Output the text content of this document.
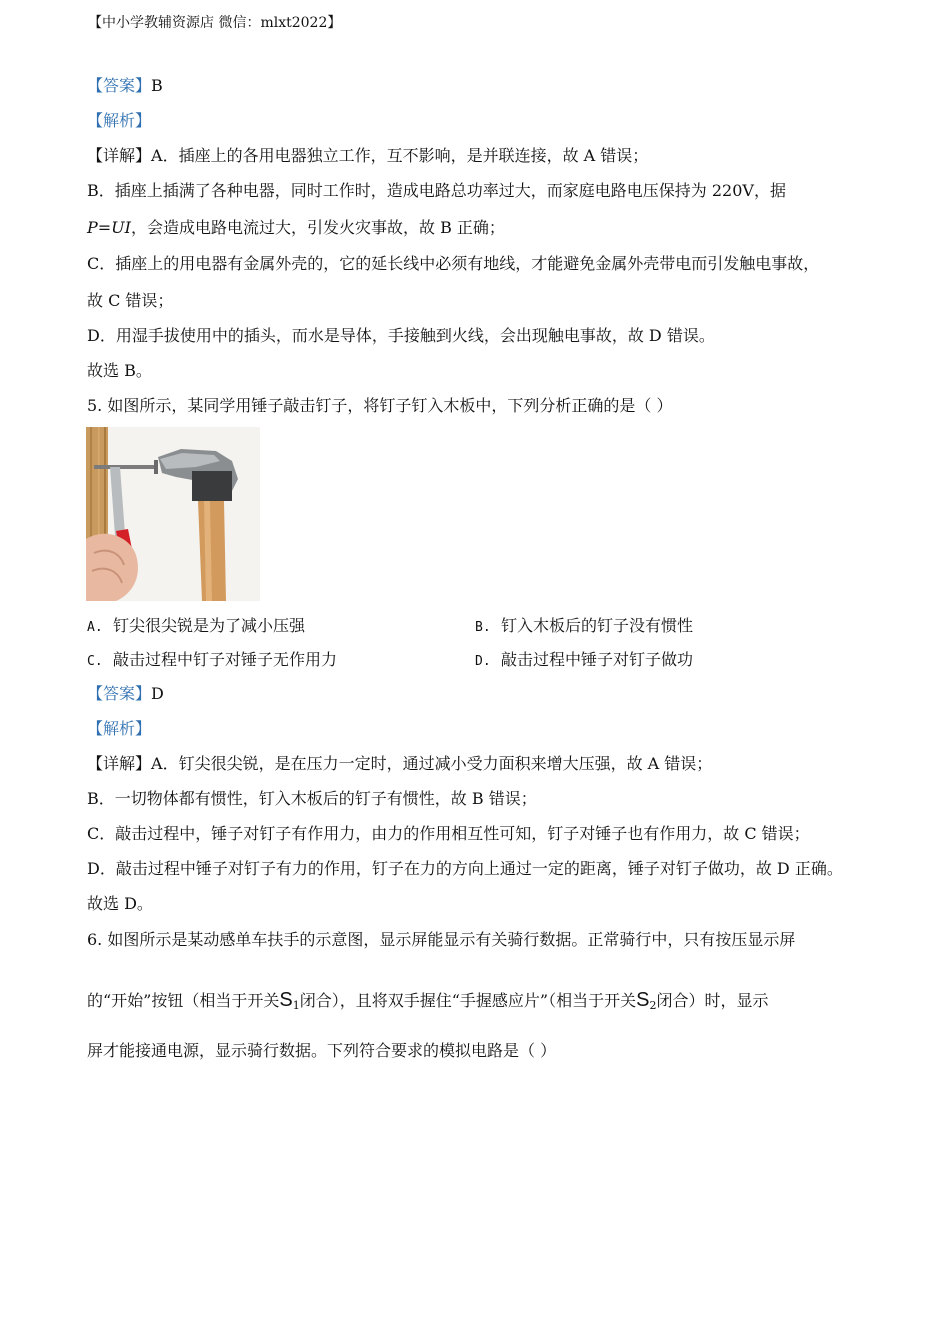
【中小学教辅资源店 微信：mlxt2022】
【答案】B
【解析】
【详解】A．插座上的各用电器独立工作，互不影响，是并联连接，故 A 错误；
B．插座上插满了各种电器，同时工作时，造成电路总功率过大，而家庭电路电压保持为 220V，据
P=UI，会造成电路电流过大，引发火灾事故，故 B 正确；
C．插座上的用电器有金属外壳的，它的延长线中必须有地线，才能避免金属外壳带电而引发触电事故，
故 C 错误；
D．用湿手拔使用中的插头，而水是导体，手接触到火线，会出现触电事故，故 D 错误。
故选 B。
5. 如图所示，某同学用锤子敲击钉子，将钉子钉入木板中，下列分析正确的是（ ）
A. 钉尖很尖锐是为了减小压强	B. 钉入木板后的钉子没有惯性
C. 敲击过程中钉子对锤子无作用力	D. 敲击过程中锤子对钉子做功
【答案】D
【解析】
【详解】A．钉尖很尖锐，是在压力一定时，通过减小受力面积来增大压强，故 A 错误；
B．一切物体都有惯性，钉入木板后的钉子有惯性，故 B 错误；
C．敲击过程中，锤子对钉子有作用力，由力的作用相互性可知，钉子对锤子也有作用力，故 C 错误；
D．敲击过程中锤子对钉子有力的作用，钉子在力的方向上通过一定的距离，锤子对钉子做功，故 D 正确。
故选 D。
6. 如图所示是某动感单车扶手的示意图，显示屏能显示有关骑行数据。正常骑行中，只有按压显示屏
的“开始”按钮（相当于开关$S_1$闭合），且将双手握住“手握感应片”（相当于开关$S_2$闭合）时，显示
屏才能接通电源，显示骑行数据。下列符合要求的模拟电路是（ ）
